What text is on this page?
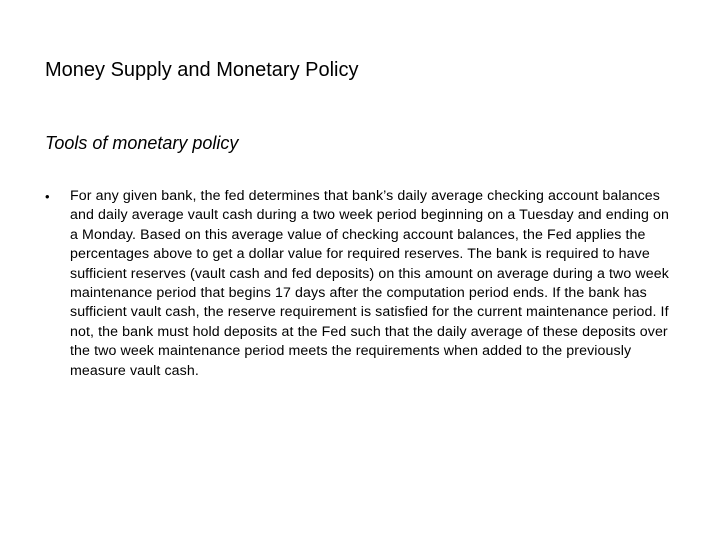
Money Supply and Monetary Policy
Tools of monetary policy
•	For any given bank, the fed determines that bank’s daily average checking account balances and daily average vault cash during a two week period beginning on a Tuesday and ending on a Monday. Based on this average value of checking account balances, the Fed applies the percentages above to get a dollar value for required reserves. The bank is required to have sufficient reserves (vault cash and fed deposits) on this amount on average during a two week maintenance period that begins 17 days after the computation period ends. If the bank has sufficient vault cash, the reserve requirement is satisfied for the current maintenance period. If not, the bank must hold deposits at the Fed such that the daily average of these deposits over the two week maintenance period meets the requirements when added to the previously measure vault cash.
